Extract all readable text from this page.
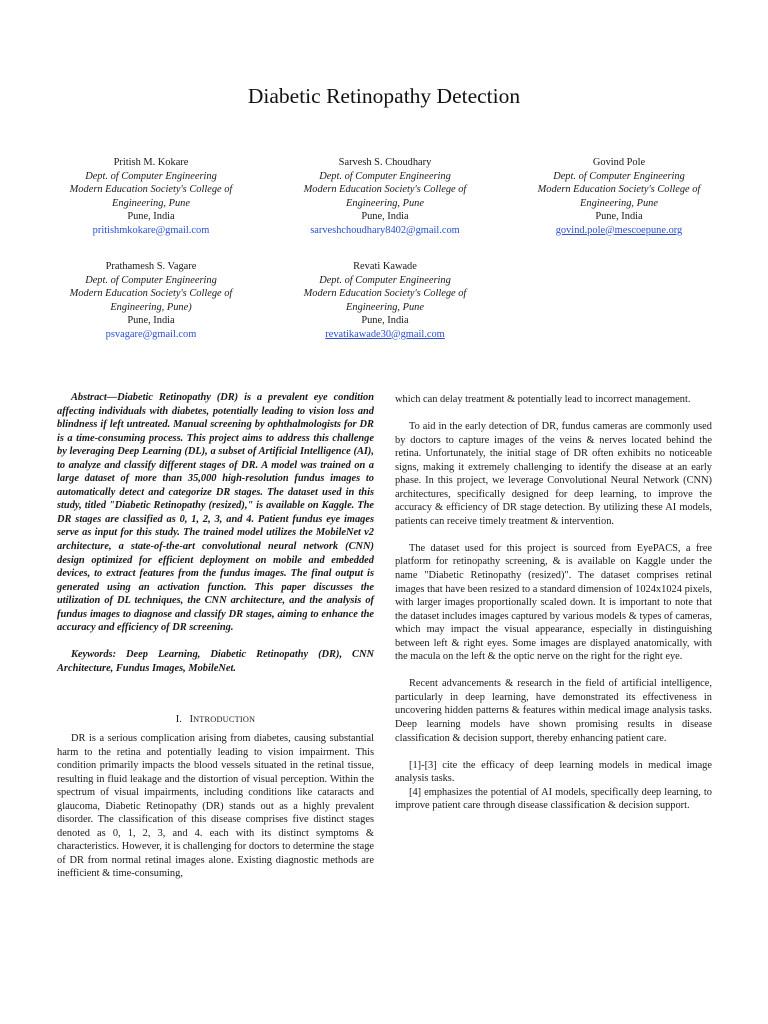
Diabetic Retinopathy Detection
Pritish M. Kokare
Dept. of Computer Engineering
Modern Education Society's College of Engineering, Pune
Pune, India
pritishmkokare@gmail.com
Sarvesh S. Choudhary
Dept. of Computer Engineering
Modern Education Society's College of Engineering, Pune
Pune, India
sarveshchoudhary8402@gmail.com
Govind Pole
Dept. of Computer Engineering
Modern Education Society's College of Engineering, Pune
Pune, India
govind.pole@mescoepune.org
Prathamesh S. Vagare
Dept. of Computer Engineering
Modern Education Society's College of Engineering, Pune)
Pune, India
psvagare@gmail.com
Revati Kawade
Dept. of Computer Engineering
Modern Education Society's College of Engineering, Pune
Pune, India
revatikawade30@gmail.com

Abstract—Diabetic Retinopathy (DR) is a prevalent eye condition affecting individuals with diabetes, potentially leading to vision loss and blindness if left untreated. Manual screening by ophthalmologists for DR is a time-consuming process. This project aims to address this challenge by leveraging Deep Learning (DL), a subset of Artificial Intelligence (AI), to analyze and classify different stages of DR. A model was trained on a large dataset of more than 35,000 high-resolution fundus images to automatically detect and categorize DR stages. The dataset used in this study, titled "Diabetic Retinopathy (resized)," is available on Kaggle. The DR stages are classified as 0, 1, 2, 3, and 4. Patient fundus eye images serve as input for this study. The trained model utilizes the MobileNet v2 architecture, a state-of-the-art convolutional neural network (CNN) design optimized for efficient deployment on mobile and embedded devices, to extract features from the fundus images. The final output is generated using an activation function. This paper discusses the utilization of DL techniques, the CNN architecture, and the analysis of fundus images to diagnose and classify DR stages, aiming to enhance the accuracy and efficiency of DR screening.

Keywords: Deep Learning, Diabetic Retinopathy (DR), CNN Architecture, Fundus Images, MobileNet.

I. INTRODUCTION

DR is a serious complication arising from diabetes, causing substantial harm to the retina and potentially leading to vision impairment. This condition primarily impacts the blood vessels situated in the retinal tissue, resulting in fluid leakage and the distortion of visual perception. Within the spectrum of visual impairments, including conditions like cataracts and glaucoma, Diabetic Retinopathy (DR) stands out as a highly prevalent disorder. The classification of this disease comprises five distinct stages denoted as 0, 1, 2, 3, and 4. each with its distinct symptoms & characteristics. However, it is challenging for doctors to determine the stage of DR from normal retinal images alone. Existing diagnostic methods are inefficient & time-consuming,

which can delay treatment & potentially lead to incorrect management.

To aid in the early detection of DR, fundus cameras are commonly used by doctors to capture images of the veins & nerves located behind the retina. Unfortunately, the initial stage of DR often exhibits no noticeable signs, making it extremely challenging to identify the disease at an early phase. In this project, we leverage Convolutional Neural Network (CNN) architectures, specifically designed for deep learning, to improve the accuracy & efficiency of DR stage detection. By utilizing these AI models, patients can receive timely treatment & intervention.

The dataset used for this project is sourced from EyePACS, a free platform for retinopathy screening, & is available on Kaggle under the name "Diabetic Retinopathy (resized)". The dataset comprises retinal images that have been resized to a standard dimension of 1024x1024 pixels, with larger images proportionally scaled down. It is important to note that the dataset includes images captured by various models & types of cameras, which may impact the visual appearance, especially in distinguishing between left & right eyes. Some images are displayed anatomically, with the macula on the left & the optic nerve on the right for the right eye.

Recent advancements & research in the field of artificial intelligence, particularly in deep learning, have demonstrated its effectiveness in uncovering hidden patterns & features within medical image analysis tasks. Deep learning models have shown promising results in disease classification & decision support, thereby enhancing patient care.

[1]-[3] cite the efficacy of deep learning models in medical image analysis tasks.

[4] emphasizes the potential of AI models, specifically deep learning, to improve patient care through disease classification & decision support.
